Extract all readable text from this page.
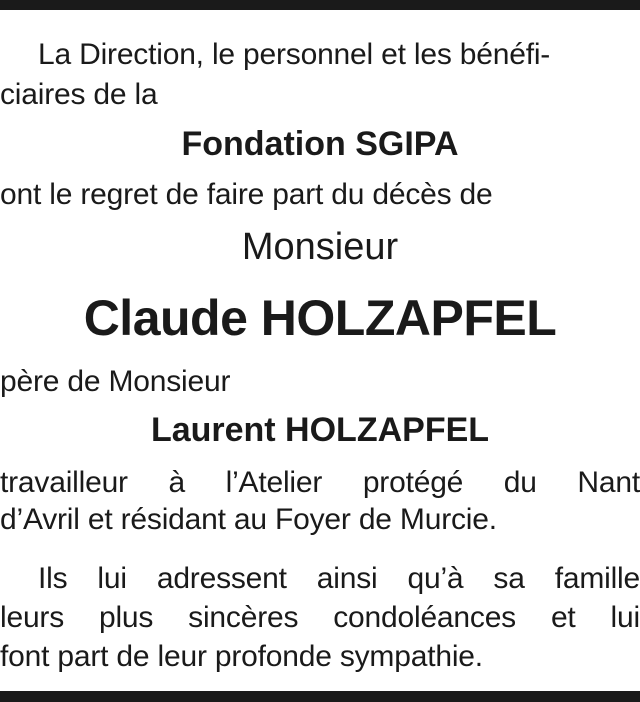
La Direction, le personnel et les bénéfi-

ciaires de la

Fondation SGIPA

ont le regret de faire part du décès de

Monsieur

Claude HOLZAPFEL

père de Monsieur

Laurent HOLZAPFEL

travailleur à l’Atelier protégé du Nant

d’Avril et résidant au Foyer de Murcie.

Ils lui adressent ainsi qu’à sa famille

leurs plus sincères condoléances et lui

font part de leur profonde sympathie.
